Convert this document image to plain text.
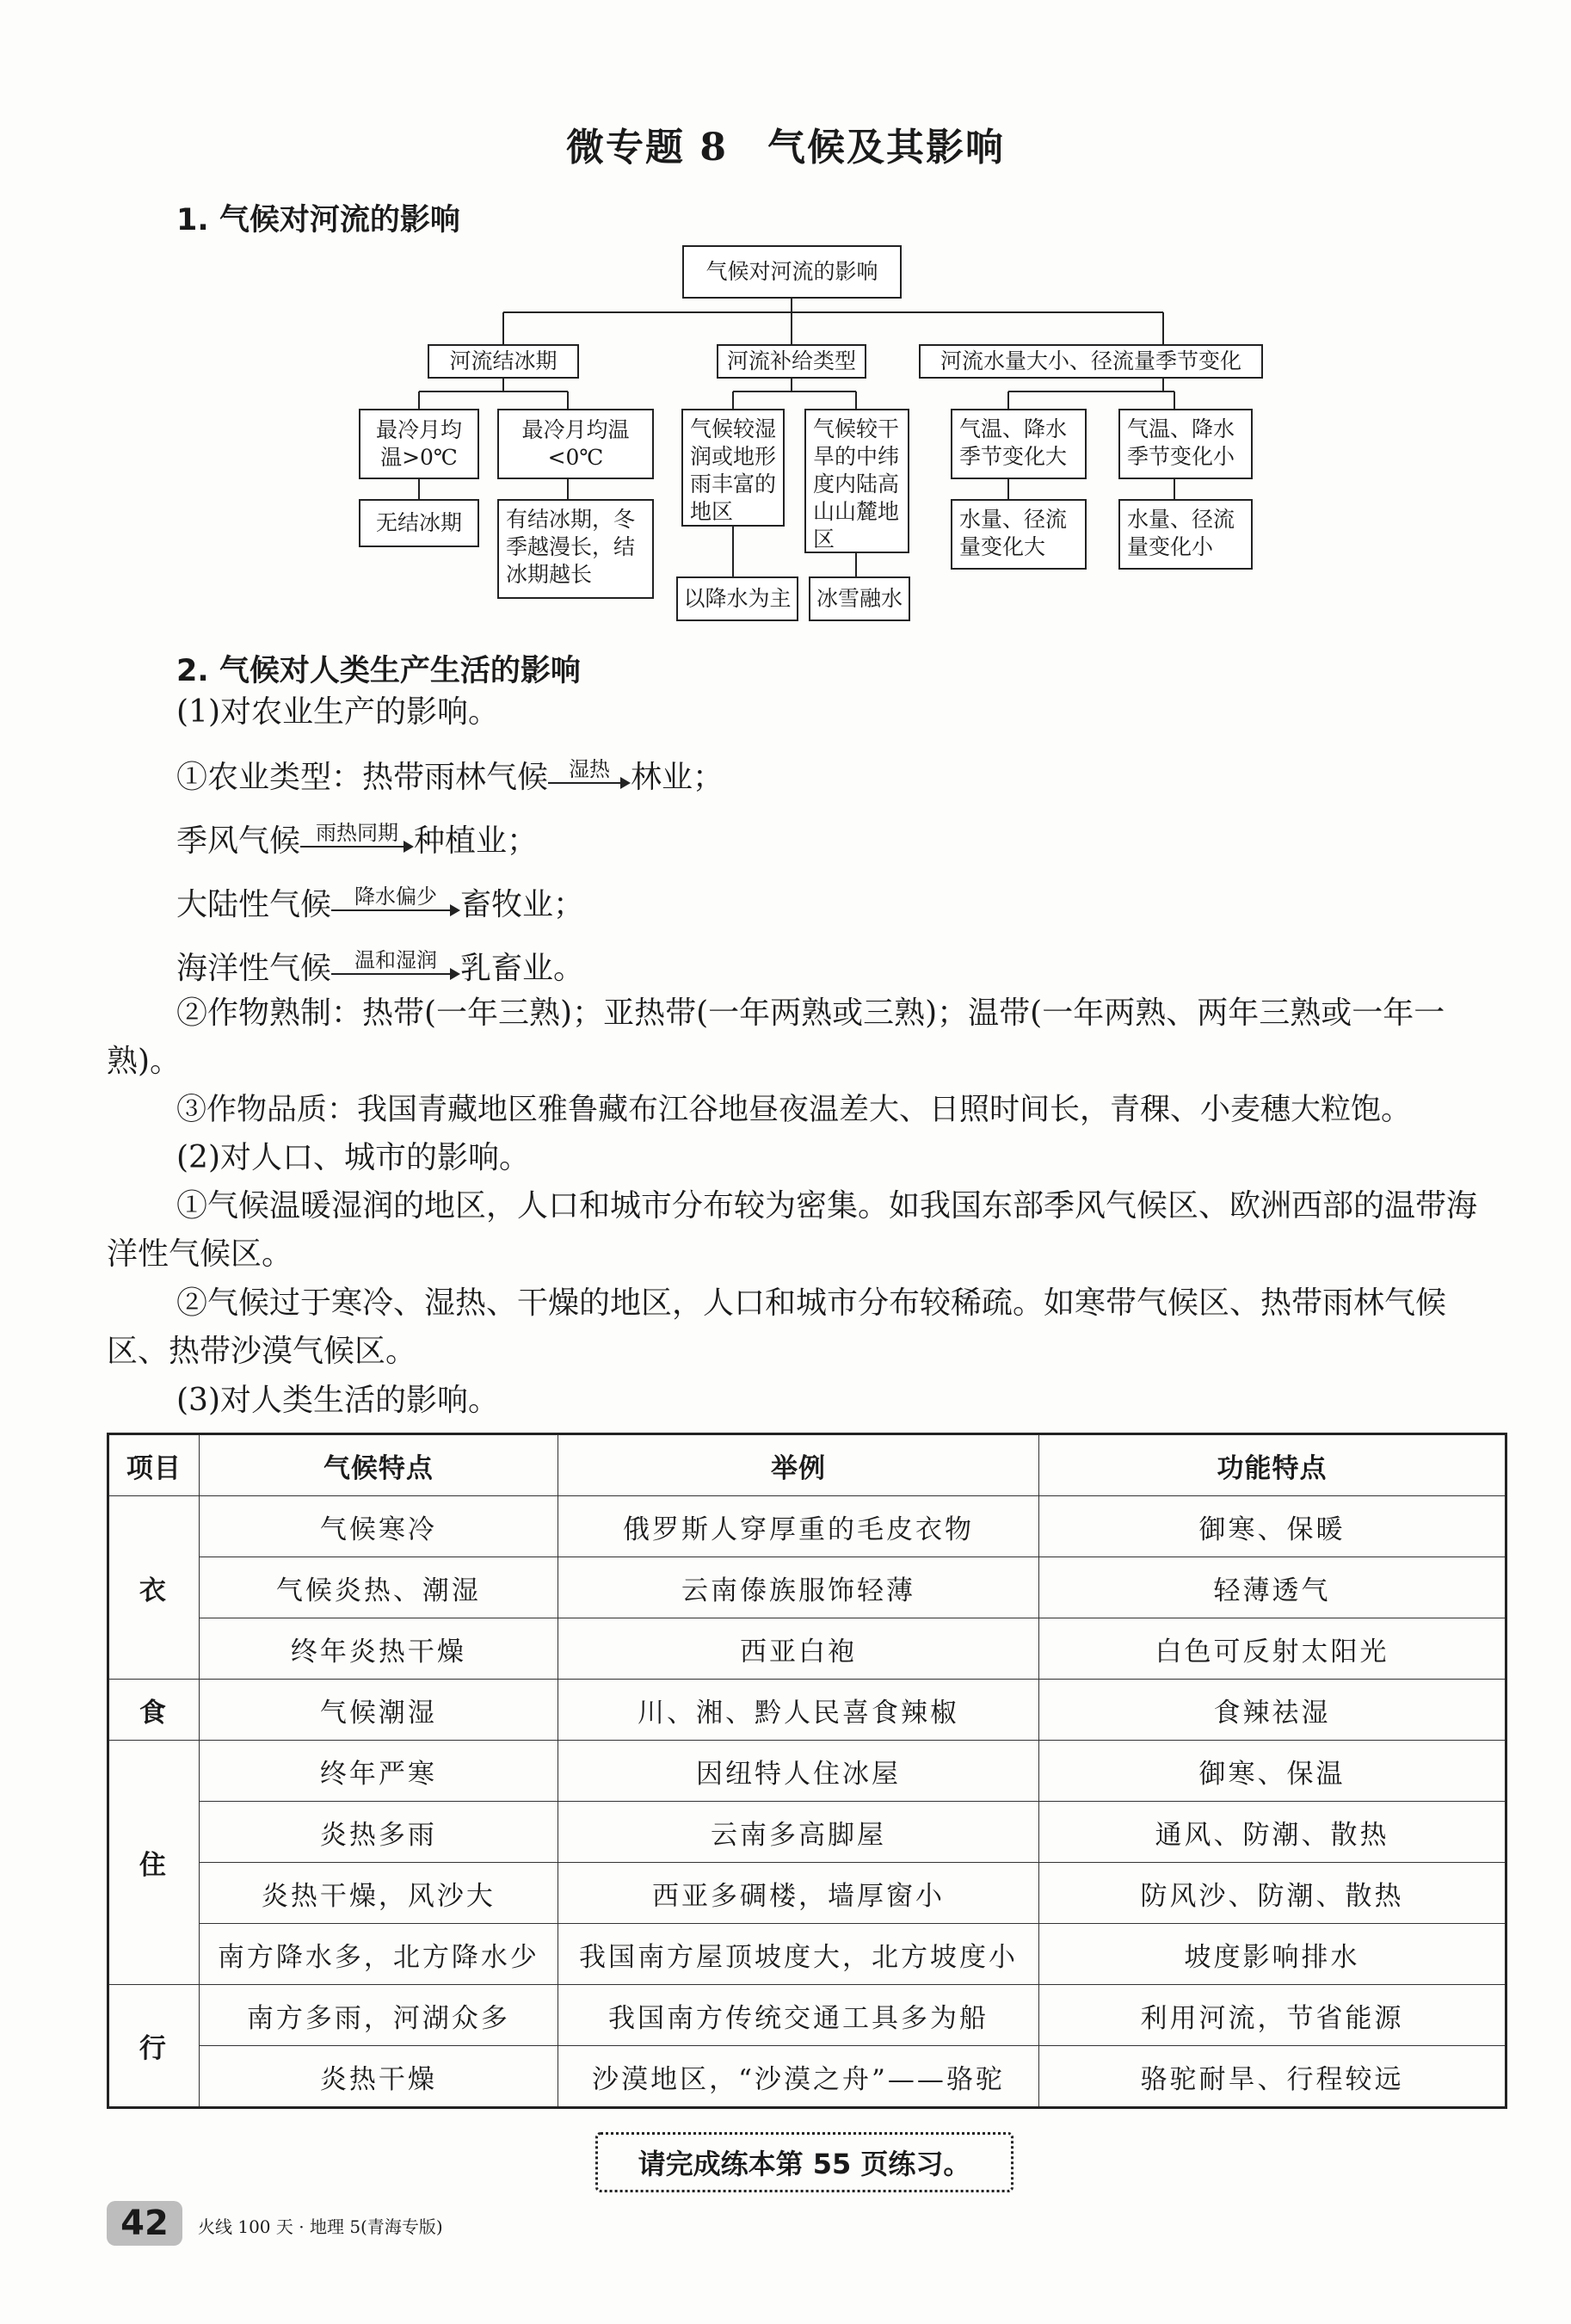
微专题 8　气候及其影响
1. 气候对河流的影响
气候对河流的影响
河流结冰期	河流补给类型	河流水量大小、径流量季节变化
最冷月均温>0℃
最冷月均温<0℃
无结冰期	有结冰期，冬季越漫长，结冰期越长
气候较湿润或地形雨丰富的地区
气候较干旱的中纬度内陆高山山麓地区
以降水为主	冰雪融水
气温、降水季节变化大
气温、降水季节变化小
水量、径流量变化大
水量、径流量变化小
2. 气候对人类生产生活的影响
(1)对农业生产的影响。
①农业类型：热带雨林气候	湿热 林业；
季风气候 雨热同期 种植业；
大陆性气候	降水偏少 畜牧业；
海洋性气候	温和湿润 乳畜业。
②作物熟制：热带(一年三熟)；亚热带(一年两熟或三熟)；温带(一年两熟、两年三熟或一年一熟)。
③作物品质：我国青藏地区雅鲁藏布江谷地昼夜温差大、日照时间长，青稞、小麦穗大粒饱。
(2)对人口、城市的影响。
①气候温暖湿润的地区，人口和城市分布较为密集。如我国东部季风气候区、欧洲西部的温带海洋性气候区。
②气候过于寒冷、湿热、干燥的地区，人口和城市分布较稀疏。如寒带气候区、热带雨林气候区、热带沙漠气候区。
(3)对人类生活的影响。
项目	气候特点	举例	功能特点
衣	气候寒冷	俄罗斯人穿厚重的毛皮衣物	御寒、保暖
	气候炎热、潮湿	云南傣族服饰轻薄	轻薄透气
	终年炎热干燥	西亚白袍	白色可反射太阳光
食	气候潮湿	川、湘、黔人民喜食辣椒	食辣祛湿
住	终年严寒	因纽特人住冰屋	御寒、保温
	炎热多雨	云南多高脚屋	通风、防潮、散热
	炎热干燥，风沙大	西亚多碉楼，墙厚窗小	防风沙、防潮、散热
	南方降水多，北方降水少	我国南方屋顶坡度大，北方坡度小	坡度影响排水
行	南方多雨，河湖众多	我国南方传统交通工具多为船	利用河流，节省能源
	炎热干燥	沙漠地区，“沙漠之舟”——骆驼	骆驼耐旱、行程较远
请完成练本第 55 页练习。
42	火线 100 天 · 地理 5(青海专版)
